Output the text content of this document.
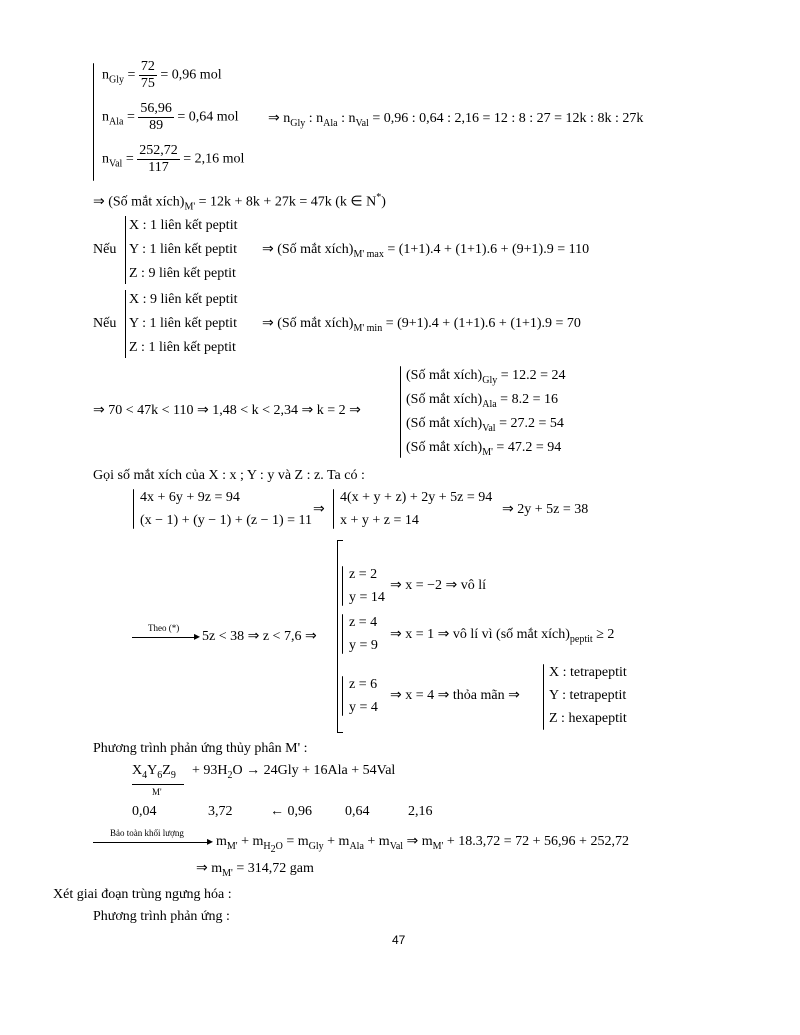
$n_{Gly} = \frac{72}{75} = 0,96$ mol
$n_{Ala} = \frac{56,96}{89} = 0,64$ mol ⇒ $n_{Gly}$ : $n_{Ala}$ : $n_{Val} = 0,96$ : 0,64 : 2,16 = 12 : 8 : 27 = 12k : 8k : 27k
$n_{Val} = \frac{252,72}{117} = 2,16$ mol
⇒ (Số mắt $xích)_{M'} = 12k + 8k + 27k = 47k$ (k ∈ N*)
Nếu
X : 1 liên kết peptit
Y : 1 liên kết peptit
Z : 9 liên kết peptit
⇒ (Số mắt $xích)_{M' max} = (1+1).4 + (1+1).6 + (9+1).9 = 110$
Nếu
X : 9 liên kết peptit
Y : 1 liên kết peptit
Z : 1 liên kết peptit
⇒ (Số mắt $xích)_{M' min} = (9+1).4 + (1+1).6 + (1+1).9 = 70$
⇒ 70 < 47k < 110 ⇒ 1,48 < k < 2,34 ⇒ k = 2 ⇒
(Số mắt $xích)_{Gly} = 12.2 = 24$
(Số mắt $xích)_{Ala} = 8.2 = 16$
(Số mắt $xích)_{Val} = 27.2 = 54$
(Số mắt $xích)_{M'} = 47.2 = 94$
Gọi số mắt xích của X : x ; Y : y và Z : z. Ta có :
4x + 6y + 9z = 94
(x − 1) + (y − 1) + (z − 1) = 11
⇒
4(x + y + z) + 2y + 5z = 94
x + y + z = 14
⇒ 2y + 5z = 38
Theo (*)
▸ 5z < 38 ⇒ z < 7,6 ⇒
z = 2
y = 14
⇒ x = −2 ⇒ vô lí
z = 4
y = 9
⇒ x = 1 ⇒ vô lí vì (số mắt $xích)_{peptit} \ge 2$
z = 6
y = 4
⇒ x = 4 ⇒ thỏa mãn ⇒
X : tetrapeptit
Y : tetrapeptit
Z : hexapeptit
Phương trình phản ứng thủy phân M' :
$X_4Y_6Z_9$
M'
+ $93H_2O \to 24Gly + 16Ala + 54Val$
0,04	3,72	← 0,96 0,64	2,16
Bảo toàn khối lượng
▸ $m_{M'} + m_{H_2O} = m_{Gly} + m_{Ala} + m_{Val}$ ⇒ $m_{M'} + 18.3,72 = 72 + 56,96 + 252,72$
⇒ $m_{M'} = 314,72$ gam
Xét giai đoạn trùng ngưng hóa :
Phương trình phản ứng :
47
